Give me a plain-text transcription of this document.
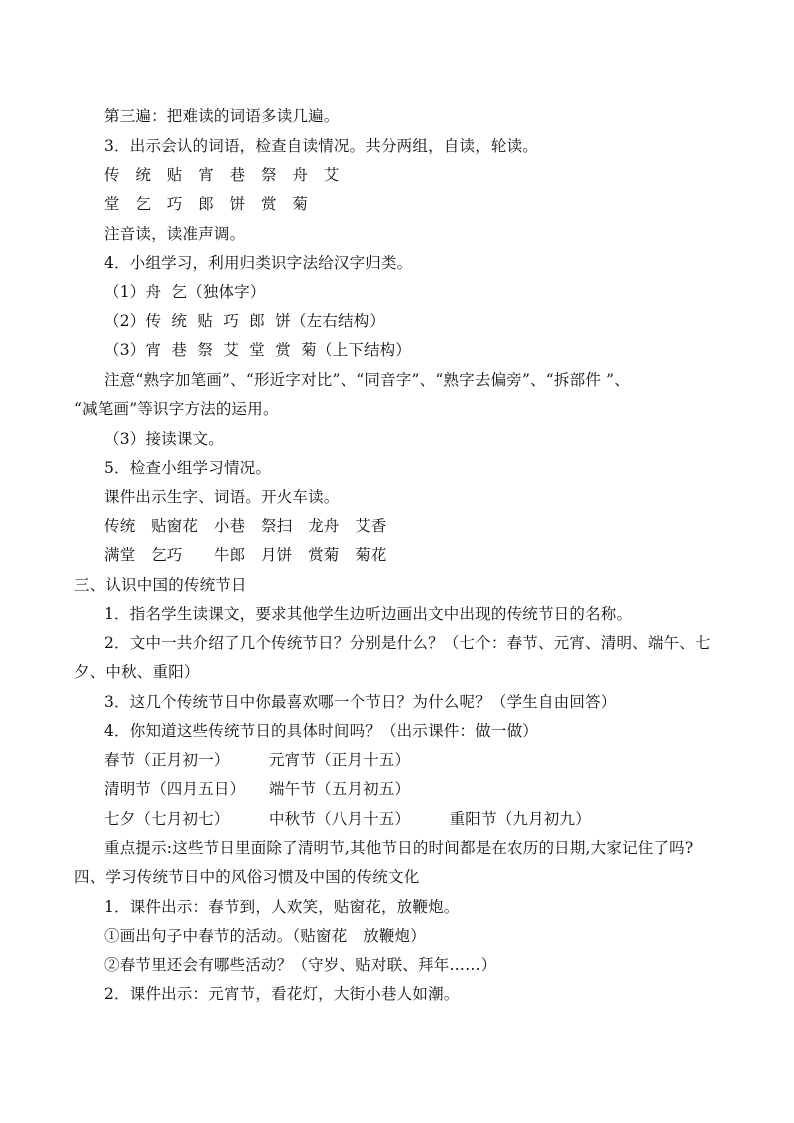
第三遍：把难读的词语多读几遍。
3．出示会认的词语，检查自读情况。共分两组，自读，轮读。
传　统　贴　宵　巷　祭　舟　艾
堂　乞　巧　郎　饼　赏　菊
注音读，读准声调。
4．小组学习，利用归类识字法给汉字归类。
（1）舟  乞（独体字）
（2）传  统  贴  巧  郎  饼（左右结构）
（3）宵  巷  祭  艾  堂  赏  菊（上下结构）
注意“熟字加笔画”、“形近字对比”、“同音字”、“熟字去偏旁”、“拆部件 ”、
“减笔画”等识字方法的运用。
（3）接读课文。
5．检查小组学习情况。
课件出示生字、词语。开火车读。
传统　贴窗花　小巷　祭扫　龙舟　艾香
满堂　乞巧　　牛郎　月饼　赏菊　菊花
三、认识中国的传统节日
1．指名学生读课文，要求其他学生边听边画出文中出现的传统节日的名称。
2．文中一共介绍了几个传统节日？分别是什么？（七个：春节、元宵、清明、端午、七
夕、中秋、重阳）
3．这几个传统节日中你最喜欢哪一个节日？为什么呢？（学生自由回答）
4．你知道这些传统节日的具体时间吗？（出示课件：做一做）
春节（正月初一）　　　元宵节（正月十五）
清明节（四月五日）　　端午节（五月初五）
七夕（七月初七）　　　中秋节（八月十五）　　　重阳节（九月初九）
重点提示:这些节日里面除了清明节,其他节日的时间都是在农历的日期,大家记住了吗?
四、学习传统节日中的风俗习惯及中国的传统文化
1．课件出示：春节到，人欢笑，贴窗花，放鞭炮。
①画出句子中春节的活动。（贴窗花　放鞭炮）
②春节里还会有哪些活动？（守岁、贴对联、拜年……）
2．课件出示：元宵节，看花灯，大街小巷人如潮。
